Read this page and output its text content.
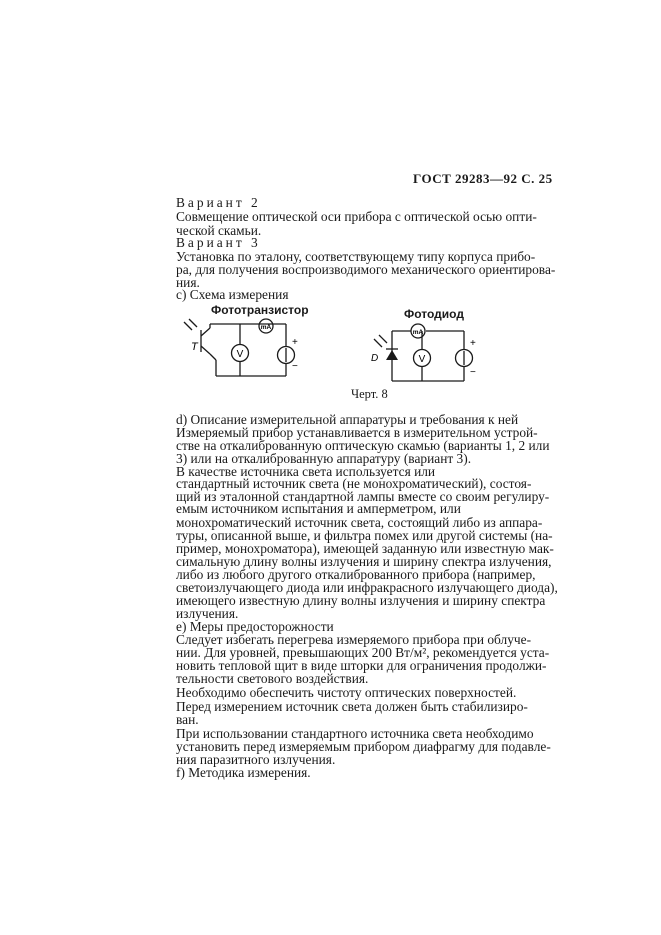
ГОСТ 29283—92 С. 25
Вариант 2
Совмещение оптической оси прибора с оптической осью опти-
ческой скамьи.
Вариант 3
Установка по эталону, соответствующему типу корпуса прибо-
ра, для получения воспроизводимого механического ориентирова-
ния.
с) Схема измерения
Фототранзистор	Фотодиод
V
mA
+
−
T
V
mA
+
−
D
Черт. 8
d) Описание измерительной аппаратуры и требования к ней
Измеряемый прибор устанавливается в измерительном устрой-
стве на откалиброванную оптическую скамью (варианты 1, 2 или
3) или на откалиброванную аппаратуру (вариант 3).
В качестве источника света используется или
стандартный источник света (не монохроматический), состоя-
щий из эталонной стандартной лампы вместе со своим регулиру-
емым источником испытания и амперметром, или
монохроматический источник света, состоящий либо из аппара-
туры, описанной выше, и фильтра помех или другой системы (на-
пример, монохроматора), имеющей заданную или известную мак-
симальную длину волны излучения и ширину спектра излучения,
либо из любого другого откалиброванного прибора (например,
светоизлучающего диода или инфракрасного излучающего диода),
имеющего известную длину волны излучения и ширину спектра
излучения.
е) Меры предосторожности
Следует избегать перегрева измеряемого прибора при облуче-
нии. Для уровней, превышающих 200 Вт/м², рекомендуется уста-
новить тепловой щит в виде шторки для ограничения продолжи-
тельности светового воздействия.
Необходимо обеспечить чистоту оптических поверхностей.
Перед измерением источник света должен быть стабилизиро-
ван.
При использовании стандартного источника света необходимо
установить перед измеряемым прибором диафрагму для подавле-
ния паразитного излучения.
f) Методика измерения.
